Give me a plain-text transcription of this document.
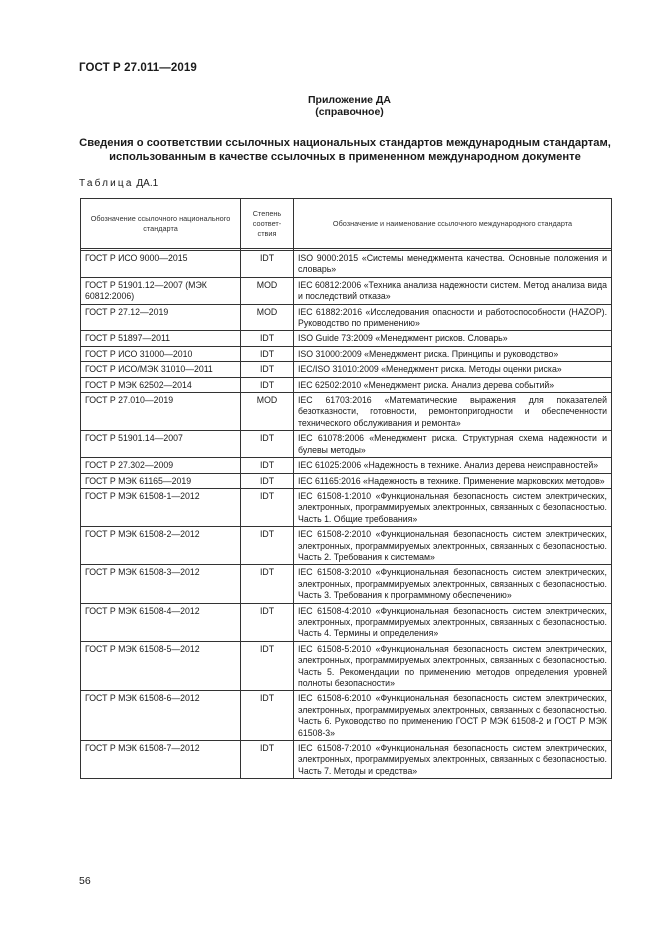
ГОСТ Р 27.011—2019
Приложение ДА
(справочное)
Сведения о соответствии ссылочных национальных стандартов международным стандартам, использованным в качестве ссылочных в примененном международном документе
Таблица ДА.1
Обозначение ссылочного национального стандарта	Степень соответ-ствия	Обозначение и наименование ссылочного международного стандарта

ГОСТ Р ИСО 9000—2015	IDT	ISO 9000:2015 «Системы менеджмента качества. Основные положения и словарь»
ГОСТ Р 51901.12—2007 (МЭК 60812:2006)	MOD	IEC 60812:2006 «Техника анализа надежности систем. Метод анализа вида и последствий отказа»
ГОСТ Р 27.12—2019	MOD	IEC 61882:2016 «Исследования опасности и работоспособности (HAZOP). Руководство по применению»
ГОСТ Р 51897—2011	IDT	ISO Guide 73:2009 «Менеджмент рисков. Словарь»
ГОСТ Р ИСО 31000—2010	IDT	ISO 31000:2009 «Менеджмент риска. Принципы и руководство»
ГОСТ Р ИСО/МЭК 31010—2011	IDT	IEC/ISO 31010:2009 «Менеджмент риска. Методы оценки риска»
ГОСТ Р МЭК 62502—2014	IDT	IEC 62502:2010 «Менеджмент риска. Анализ дерева событий»
ГОСТ Р 27.010—2019	MOD	IEC 61703:2016 «Математические выражения для показателей безотказности, готовности, ремонтопригодности и обеспеченности технического обслуживания и ремонта»
ГОСТ Р 51901.14—2007	IDT	IEC 61078:2006 «Менеджмент риска. Структурная схема надежности и булевы методы»
ГОСТ Р 27.302—2009	IDT	IEC 61025:2006 «Надежность в технике. Анализ дерева неисправностей»
ГОСТ Р МЭК 61165—2019	IDT	IEC 61165:2016 «Надежность в технике. Применение марковских методов»
ГОСТ Р МЭК 61508-1—2012	IDT	IEC 61508-1:2010 «Функциональная безопасность систем электрических, электронных, программируемых электронных, связанных с безопасностью. Часть 1. Общие требования»
ГОСТ Р МЭК 61508-2—2012	IDT	IEC 61508-2:2010 «Функциональная безопасность систем электрических, электронных, программируемых электронных, связанных с безопасностью. Часть 2. Требования к системам»
ГОСТ Р МЭК 61508-3—2012	IDT	IEC 61508-3:2010 «Функциональная безопасность систем электрических, электронных, программируемых электронных, связанных с безопасностью. Часть 3. Требования к программному обеспечению»
ГОСТ Р МЭК 61508-4—2012	IDT	IEC 61508-4:2010 «Функциональная безопасность систем электрических, электронных, программируемых электронных, связанных с безопасностью. Часть 4. Термины и определения»
ГОСТ Р МЭК 61508-5—2012	IDT	IEC 61508-5:2010 «Функциональная безопасность систем электрических, электронных, программируемых электронных, связанных с безопасностью. Часть 5. Рекомендации по применению методов определения уровней полноты безопасности»
ГОСТ Р МЭК 61508-6—2012	IDT	IEC 61508-6:2010 «Функциональная безопасность систем электрических, электронных, программируемых электронных, связанных с безопасностью. Часть 6. Руководство по применению ГОСТ Р МЭК 61508-2 и ГОСТ Р МЭК 61508-3»
ГОСТ Р МЭК 61508-7—2012	IDT	IEC 61508-7:2010 «Функциональная безопасность систем электрических, электронных, программируемых электронных, связанных с безопасностью. Часть 7. Методы и средства»
56
